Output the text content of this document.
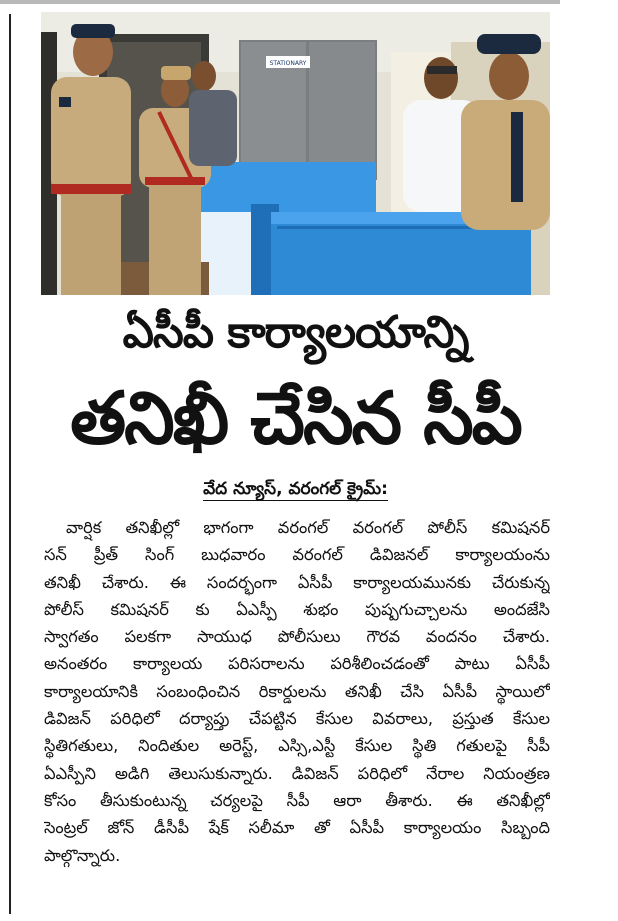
STATIONARY
ఏసీపీ కార్యాలయాన్ని
తనిఖీ చేసిన సీపీ
వేద న్యూస్, వరంగల్ క్రైమ్:
వార్షిక తనిఖీల్లో భాగంగా వరంగల్ వరంగల్ పోలీస్ కమిషనర్
సన్ ప్రీత్ సింగ్ బుధవారం వరంగల్ డివిజనల్ కార్యాలయంను
తనిఖీ చేశారు. ఈ సందర్భంగా ఏసీపీ కార్యాలయమునకు చేరుకున్న
పోలీస్ కమిషనర్ కు ఏఎస్పీ శుభం పుష్పగుచ్చాలను అందజేసి
స్వాగతం పలకగా సాయుధ పోలీసులు గౌరవ వందనం చేశారు.
అనంతరం కార్యాలయ పరిసరాలను పరిశీలించడంతో పాటు ఏసీపీ
కార్యాలయానికి సంబంధించిన రికార్డులను తనిఖీ చేసి ఏసీపీ స్థాయిలో
డివిజన్ పరిధిలో దర్యాప్తు చేపట్టిన కేసుల వివరాలు, ప్రస్తుత కేసుల
స్థితిగతులు, నిందితుల అరెస్ట్, ఎస్సి,ఎస్టీ కేసుల స్థితి గతులపై సీపీ
ఏఎస్పీని అడిగి తెలుసుకున్నారు. డివిజన్ పరిధిలో నేరాల నియంత్రణ
కోసం తీసుకుంటున్న చర్యలపై సీపీ ఆరా తీశారు. ఈ తనిఖీల్లో
సెంట్రల్ జోన్ డీసీపీ షేక్ సలీమా తో ఏసీపీ కార్యాలయం సిబ్బంది
పాల్గొన్నారు.
